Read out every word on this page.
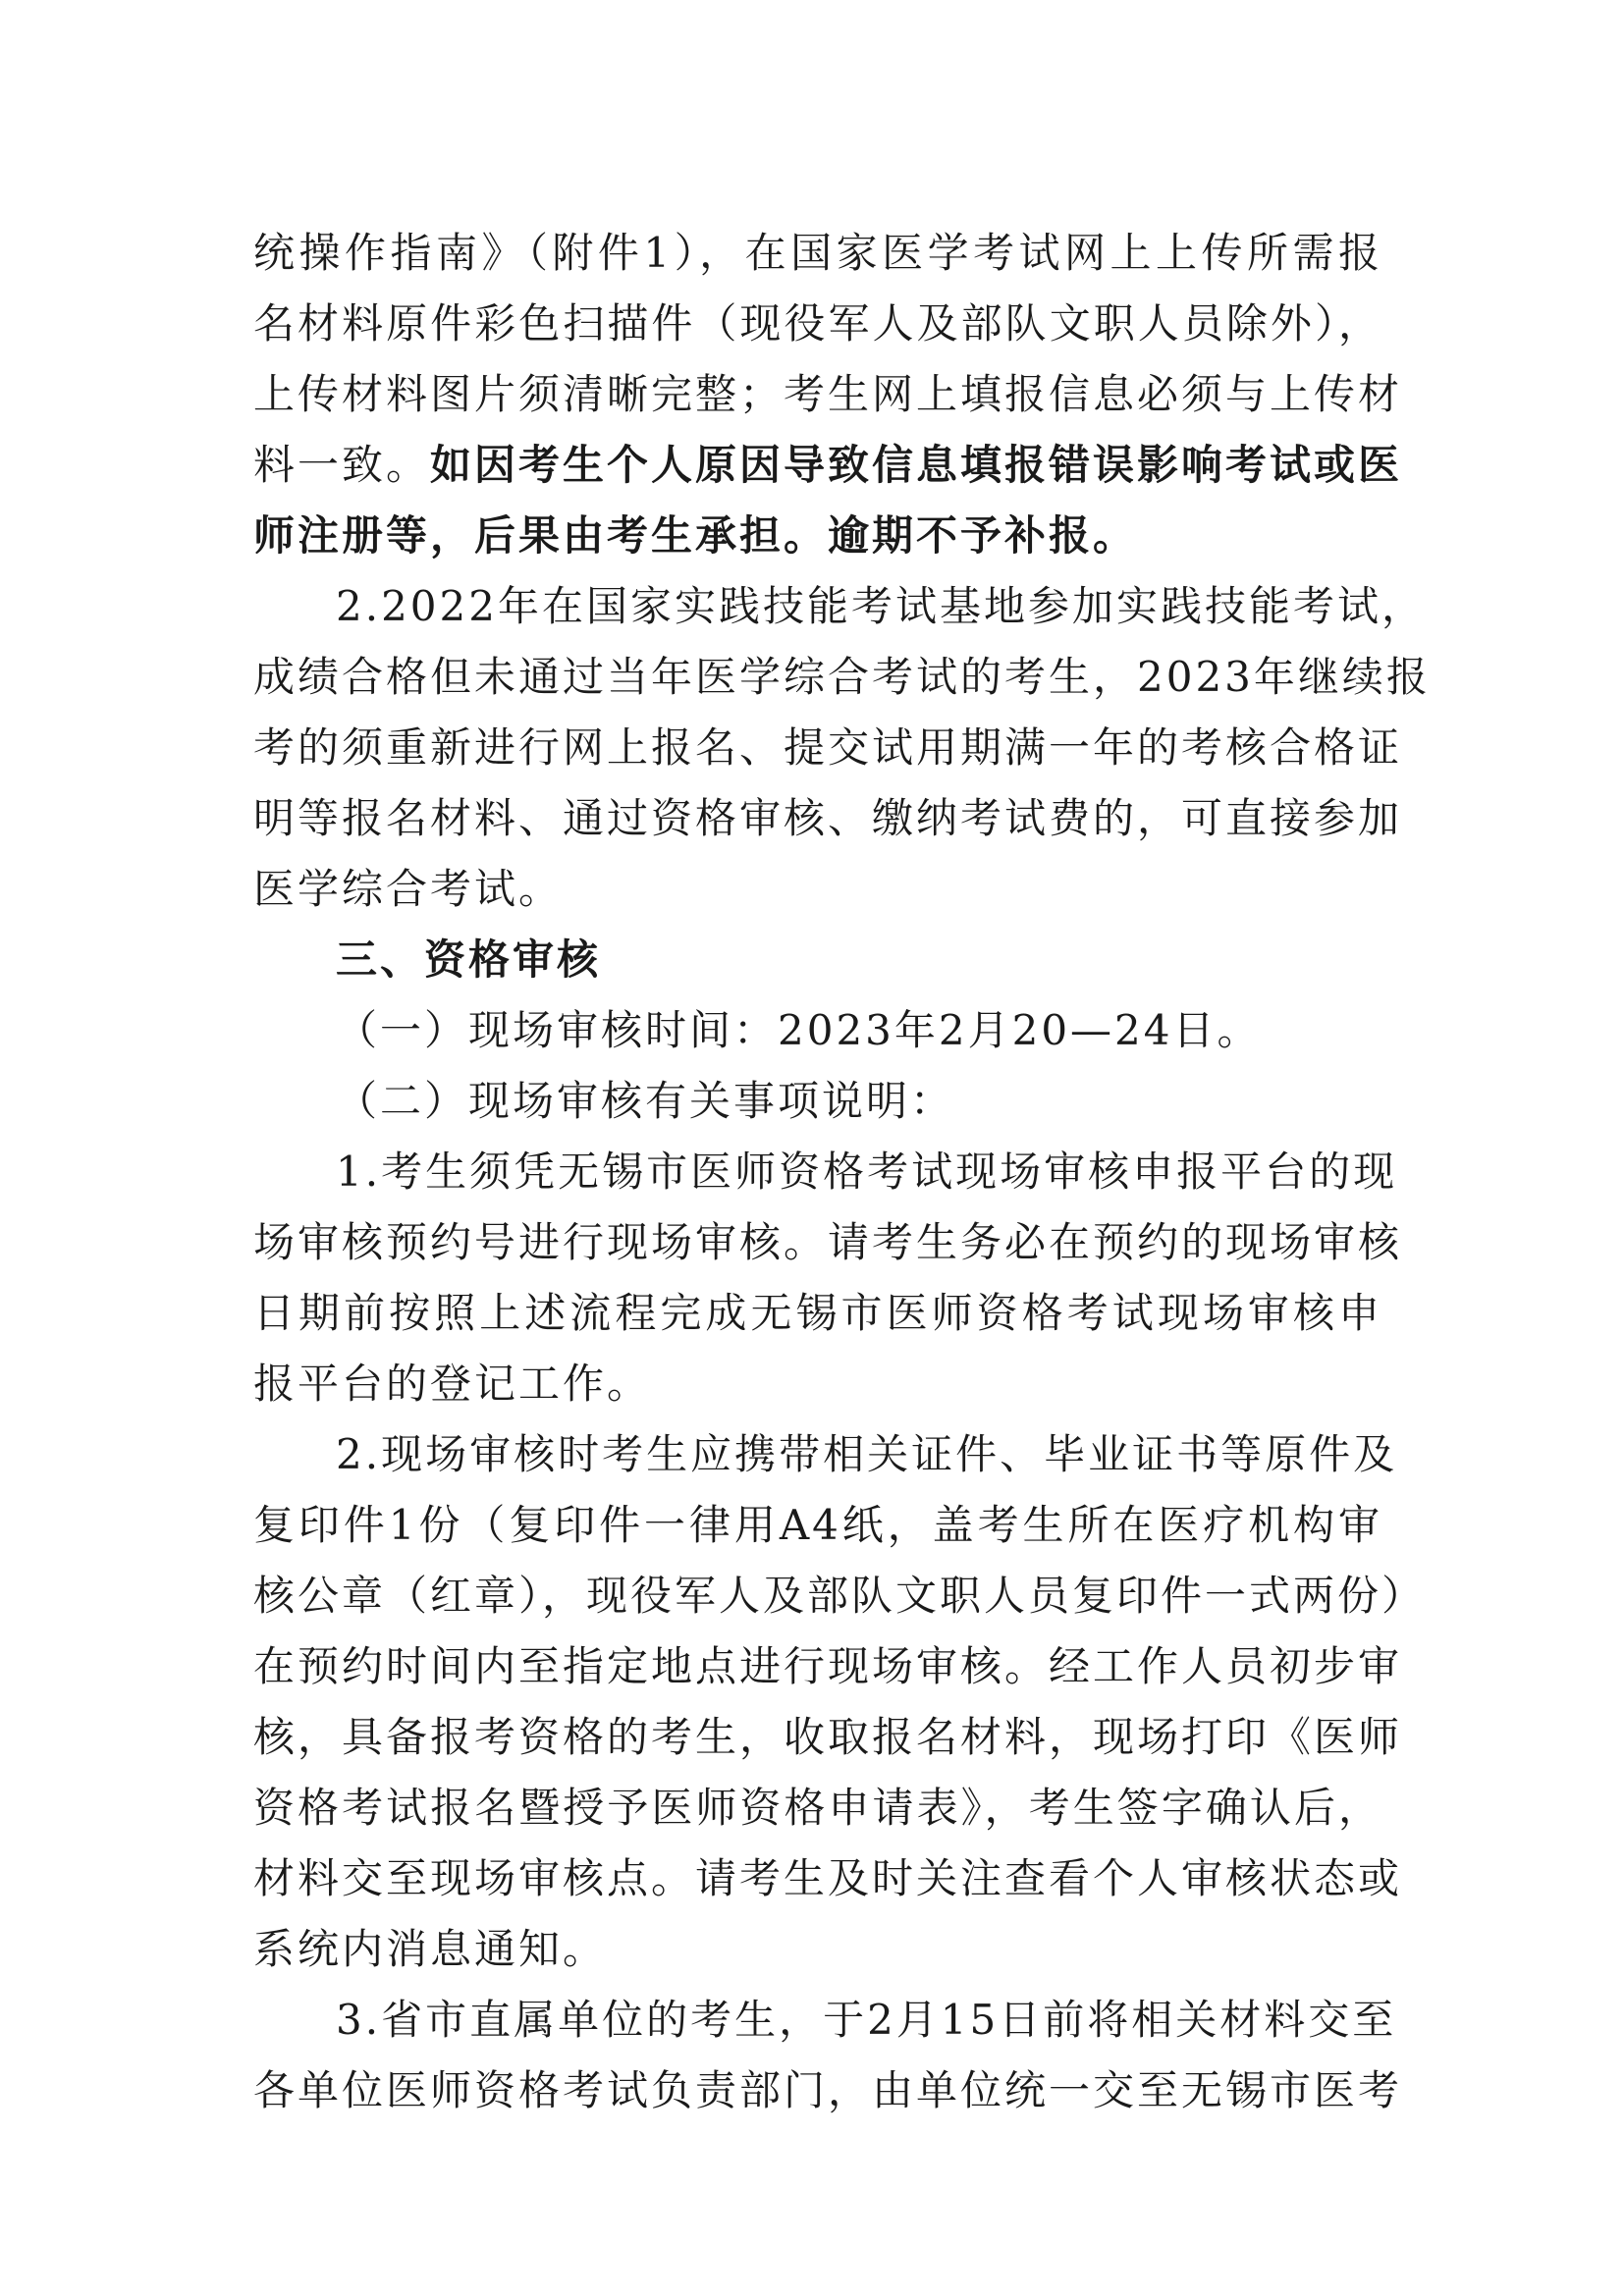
统操作指南》（附件1），在国家医学考试网上上传所需报
名材料原件彩色扫描件（现役军人及部队文职人员除外），
上传材料图片须清晰完整；考生网上填报信息必须与上传材
料一致。如因考生个人原因导致信息填报错误影响考试或医
师注册等，后果由考生承担。逾期不予补报。
2.2022年在国家实践技能考试基地参加实践技能考试，
成绩合格但未通过当年医学综合考试的考生，2023年继续报
考的须重新进行网上报名、提交试用期满一年的考核合格证
明等报名材料、通过资格审核、缴纳考试费的，可直接参加
医学综合考试。
三、资格审核
（一）现场审核时间：2023年2月20—24日。
（二）现场审核有关事项说明：
1.考生须凭无锡市医师资格考试现场审核申报平台的现
场审核预约号进行现场审核。请考生务必在预约的现场审核
日期前按照上述流程完成无锡市医师资格考试现场审核申
报平台的登记工作。
2.现场审核时考生应携带相关证件、毕业证书等原件及
复印件1份（复印件一律用A4纸，盖考生所在医疗机构审
核公章（红章），现役军人及部队文职人员复印件一式两份）
在预约时间内至指定地点进行现场审核。经工作人员初步审
核，具备报考资格的考生，收取报名材料，现场打印《医师
资格考试报名暨授予医师资格申请表》，考生签字确认后，
材料交至现场审核点。请考生及时关注查看个人审核状态或
系统内消息通知。
3.省市直属单位的考生，于2月15日前将相关材料交至
各单位医师资格考试负责部门，由单位统一交至无锡市医考
